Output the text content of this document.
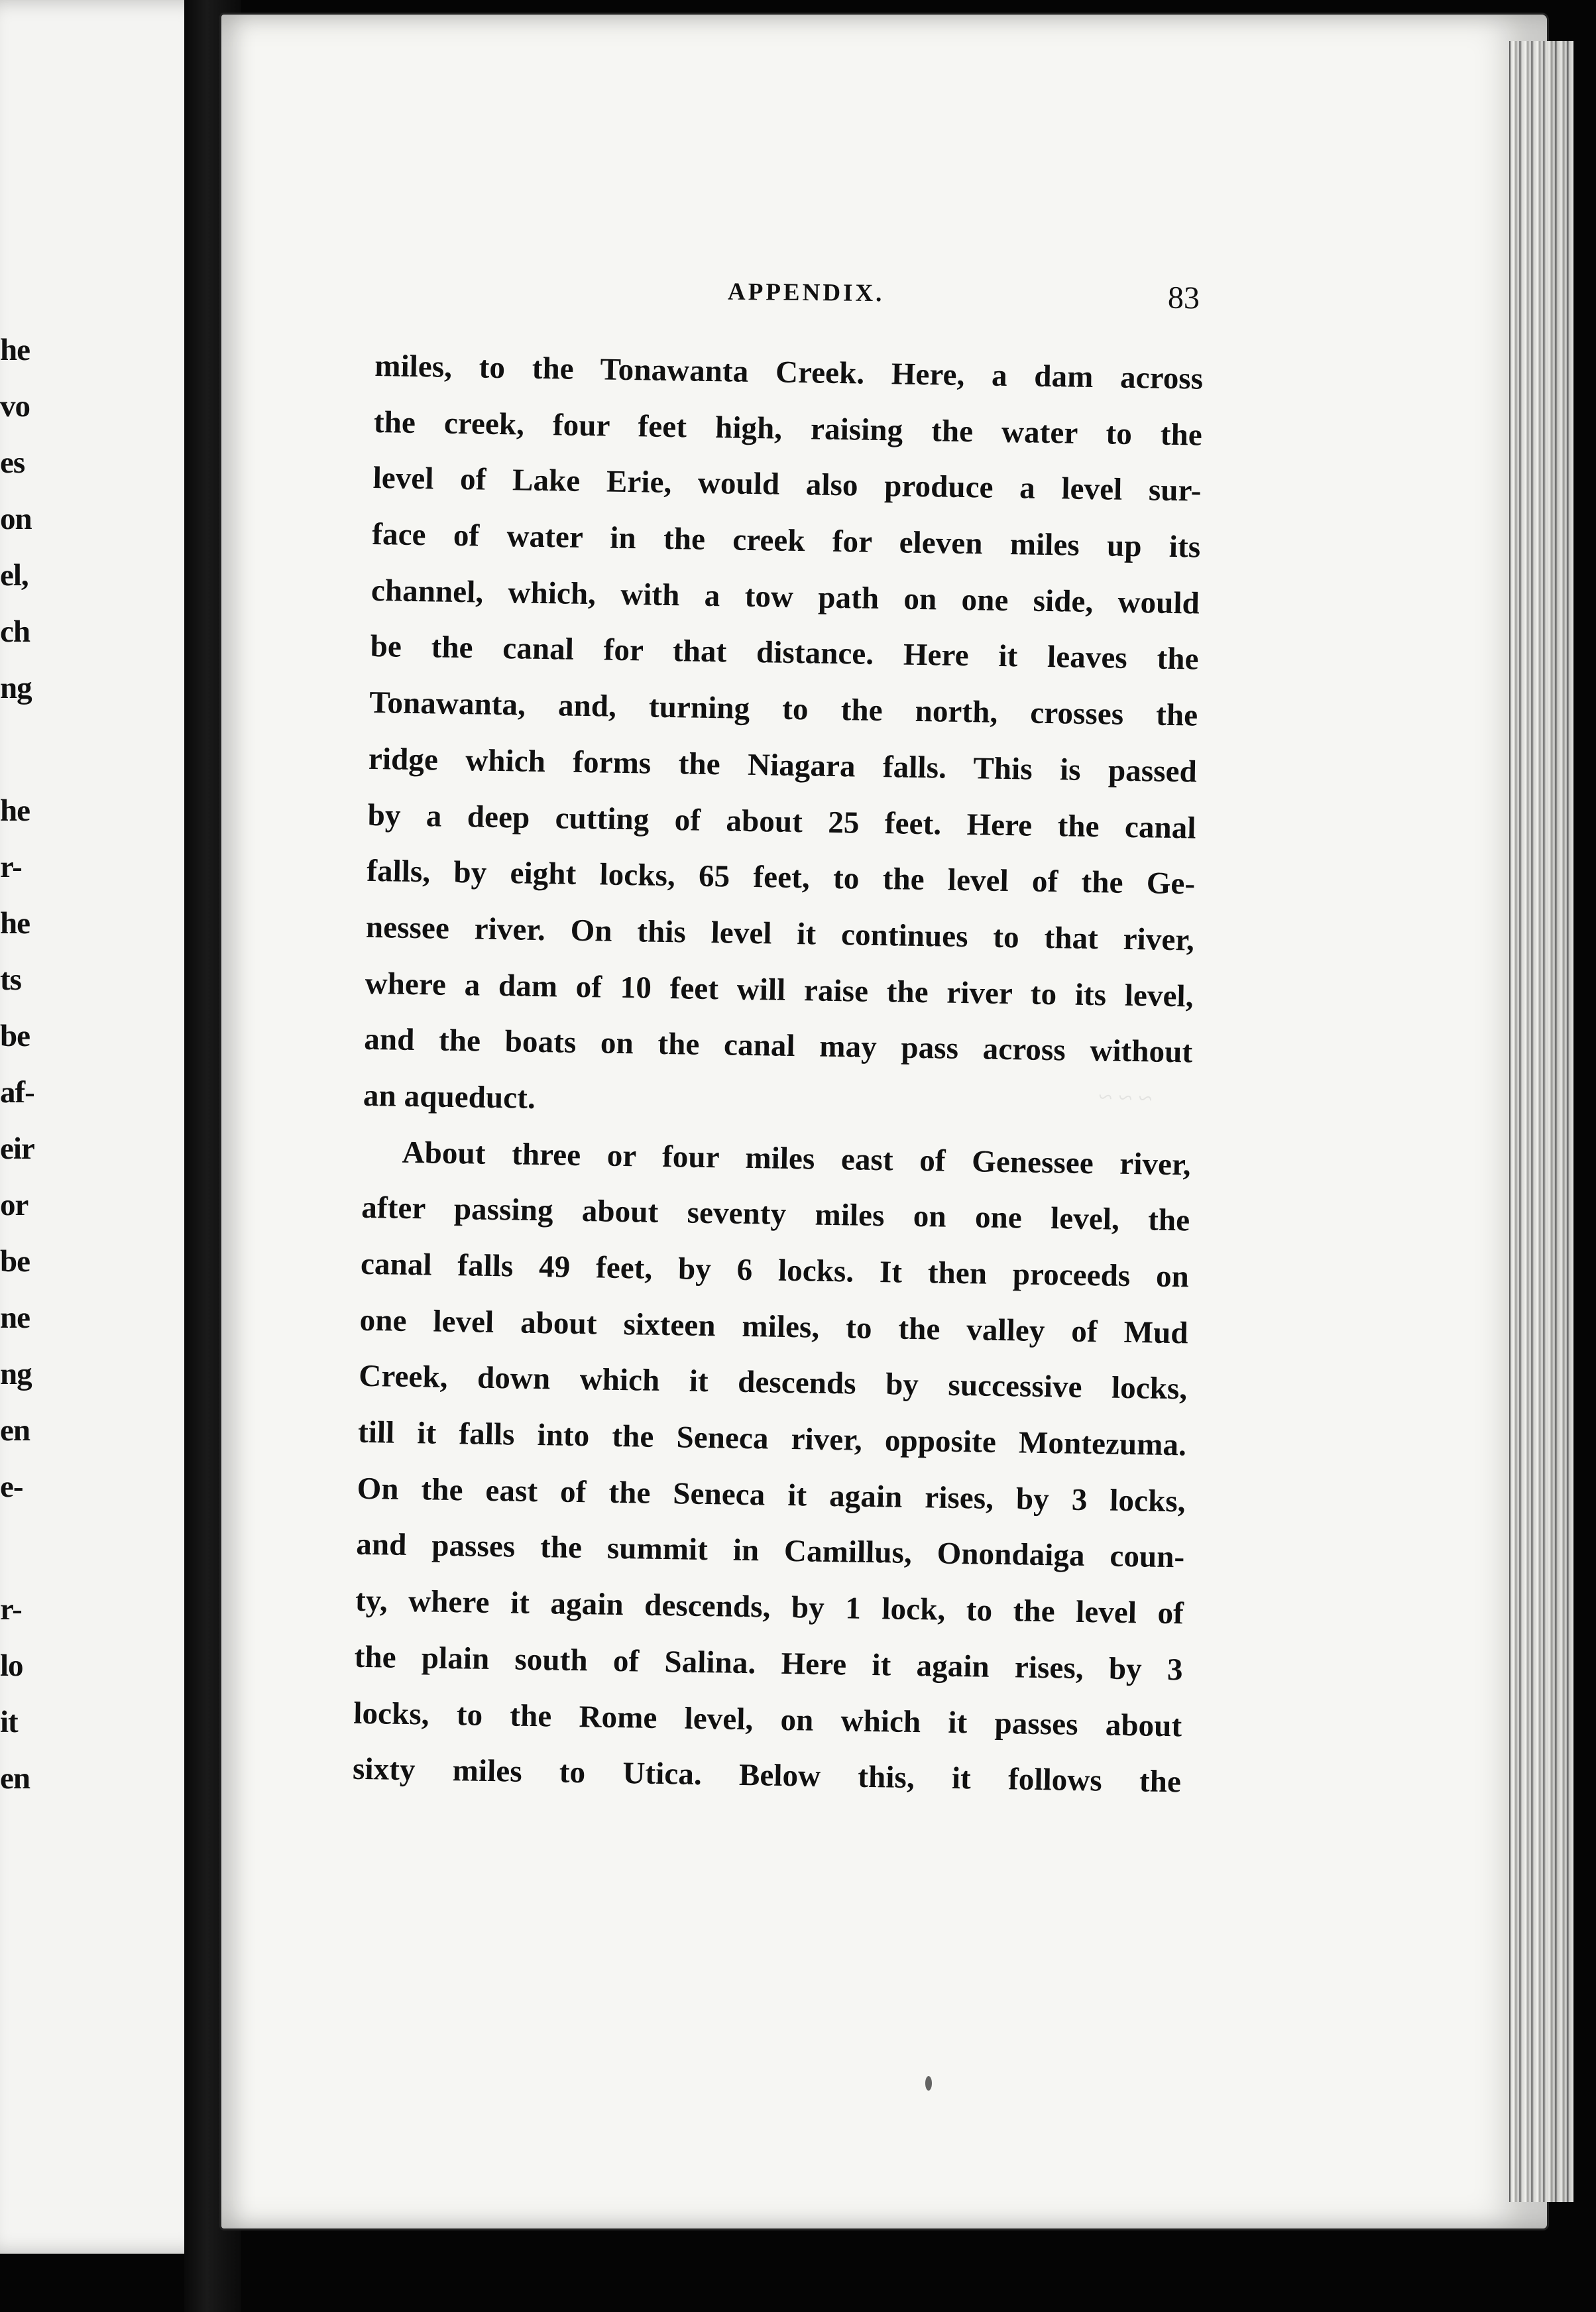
he
vo
es
on
el,
ch
ng
he
r-
he
ts
be
af-
eir
or
be
ne
ng
en
e-
r-
lo
it
en
APPENDIX.	83
~ ~ ~
miles, to the Tonawanta Creek. Here, a dam across
the creek, four feet high, raising the water to the
level of Lake Erie, would also produce a level sur-
face of water in the creek for eleven miles up its
channel, which, with a tow path on one side, would
be the canal for that distance. Here it leaves the
Tonawanta, and, turning to the north, crosses the
ridge which forms the Niagara falls. This is passed
by a deep cutting of about 25 feet. Here the canal
falls, by eight locks, 65 feet, to the level of the Ge-
nessee river. On this level it continues to that river,
where a dam of 10 feet will raise the river to its level,
and the boats on the canal may pass across without
an aqueduct.
About three or four miles east of Genessee river,
after passing about seventy miles on one level, the
canal falls 49 feet, by 6 locks. It then proceeds on
one level about sixteen miles, to the valley of Mud
Creek, down which it descends by successive locks,
till it falls into the Seneca river, opposite Montezuma.
On the east of the Seneca it again rises, by 3 locks,
and passes the summit in Camillus, Onondaiga coun-
ty, where it again descends, by 1 lock, to the level of
the plain south of Salina. Here it again rises, by 3
locks, to the Rome level, on which it passes about
sixty miles to Utica. Below this, it follows the
